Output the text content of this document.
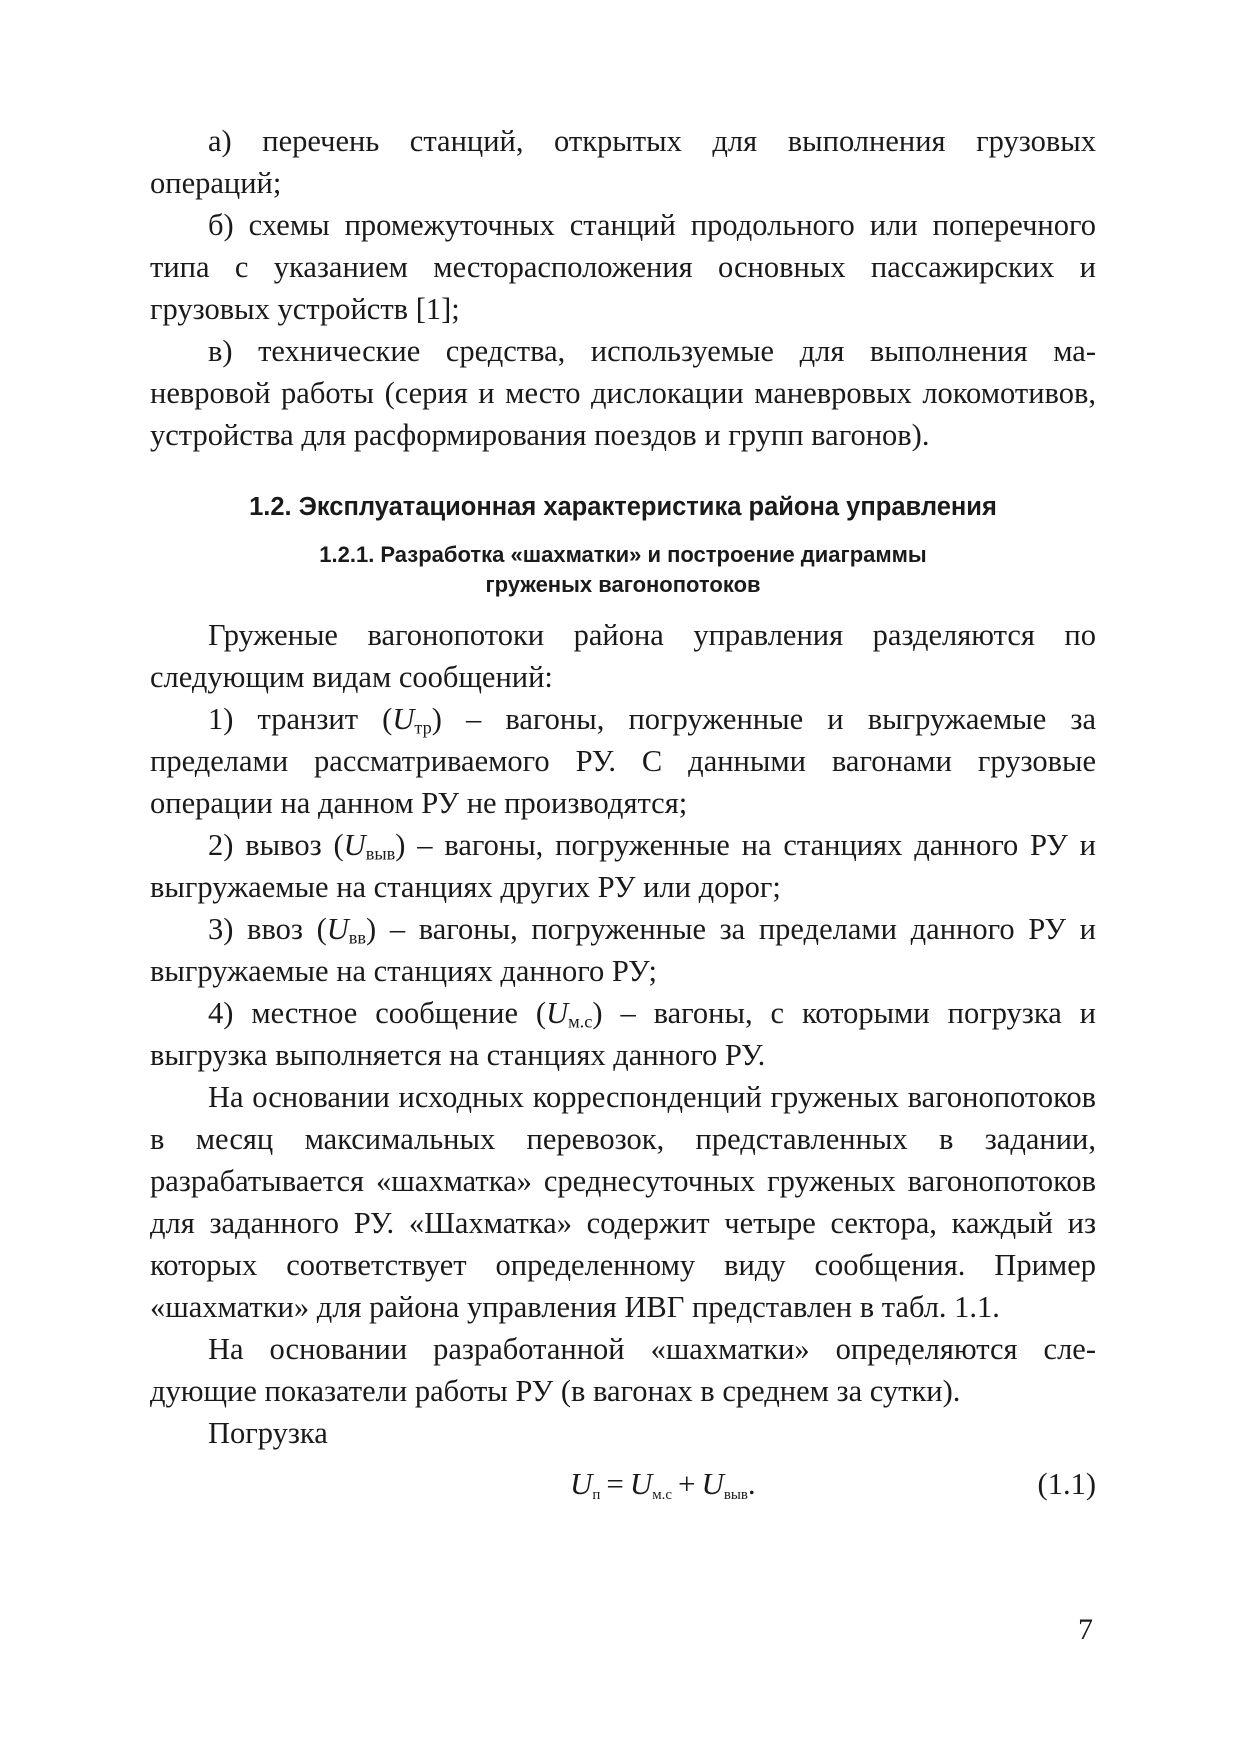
а) перечень станций, открытых для выполнения грузовых операций;

б) схемы промежуточных станций продольного или поперечного типа с указанием месторасположения основных пассажирских и грузовых устройств [1];

в) технические средства, используемые для выполнения маневровой работы (серия и место дислокации маневровых локомотивов, устройства для расформирования поездов и групп вагонов).

1.2. Эксплуатационная характеристика района управления
1.2.1. Разработка «шахматки» и построение диаграммы
груженых вагонопотоков

Груженые вагонопотоки района управления разделяются по следующим видам сообщений:

1) транзит $(U_{тр})$ – вагоны, погруженные и выгружаемые за пределами рассматриваемого РУ. С данными вагонами грузовые операции на данном РУ не производятся;

2) вывоз $(U_{выв})$ – вагоны, погруженные на станциях данного РУ и выгружаемые на станциях других РУ или дорог;

3) ввоз $(U_{вв})$ – вагоны, погруженные за пределами данного РУ и выгружаемые на станциях данного РУ;

4) местное сообщение $(U_{м.с})$ – вагоны, с которыми погрузка и выгрузка выполняется на станциях данного РУ.

На основании исходных корреспонденций груженых вагонопотоков в месяц максимальных перевозок, представленных в задании, разрабатывается «шахматка» среднесуточных груженых вагонопотоков для заданного РУ. «Шахматка» содержит четыре сектора, каждый из которых соответствует определенному виду сообщения. Пример «шахматки» для района управления ИВГ представлен в табл. 1.1.

На основании разработанной «шахматки» определяются следующие показатели работы РУ (в вагонах в среднем за сутки).

Погрузка

$U_п = U_{м.с} + U_{выв}$.	(1.1)
7
